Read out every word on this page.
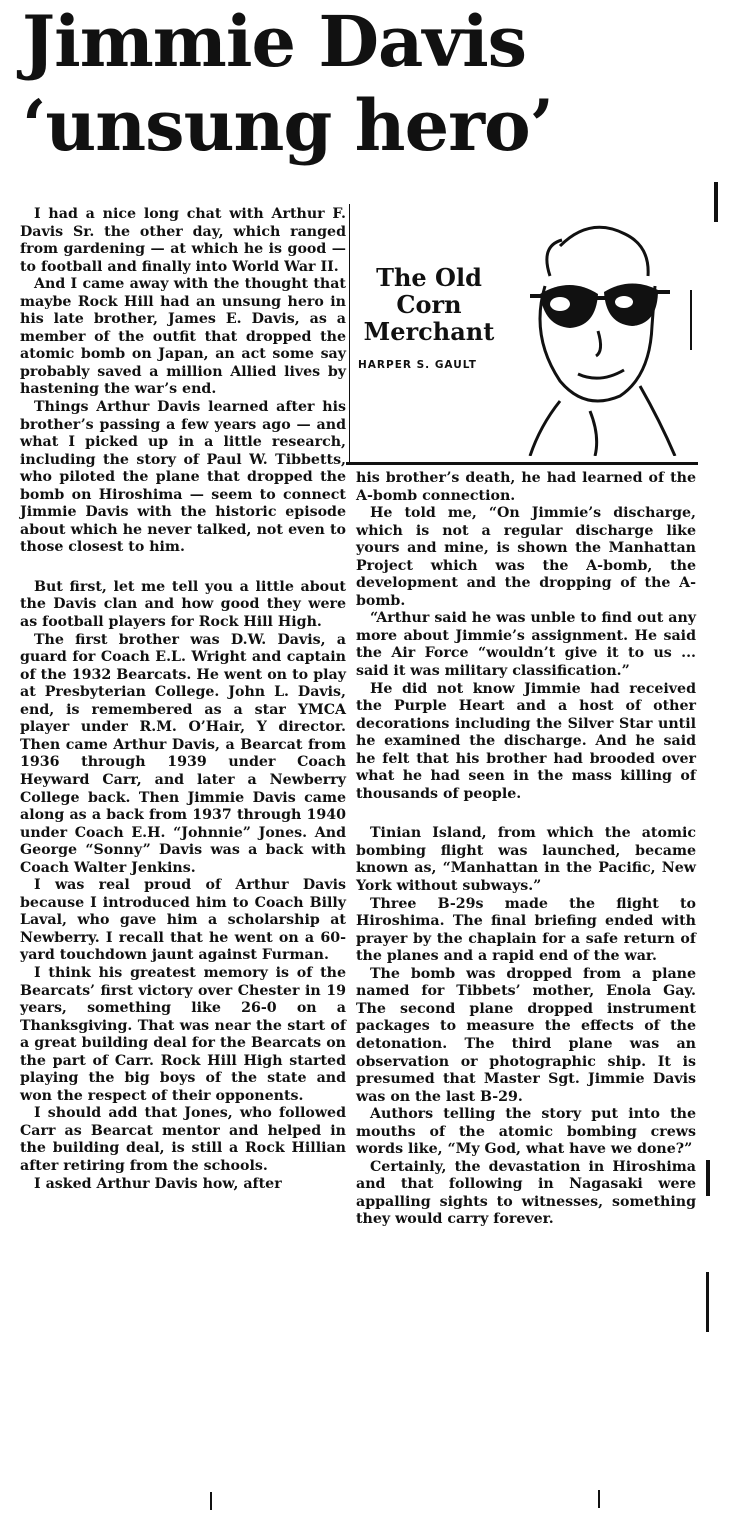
Jimmie Davis
‘unsung hero’

The Old
Corn
Merchant

HARPER S. GAULT

I had a nice long chat with Arthur F. Davis Sr. the other day, which ranged from gardening — at which he is good — to football and finally into World War II.

And I came away with the thought that maybe Rock Hill had an unsung hero in his late brother, James E. Davis, as a member of the outfit that dropped the atomic bomb on Japan, an act some say probably saved a million Allied lives by hastening the war’s end.

Things Arthur Davis learned after his brother’s passing a few years ago — and what I picked up in a little research, including the story of Paul W. Tibbetts, who piloted the plane that dropped the bomb on Hiroshima — seem to connect Jimmie Davis with the historic episode about which he never talked, not even to those closest to him.

But first, let me tell you a little about the Davis clan and how good they were as football players for Rock Hill High.

The first brother was D.W. Davis, a guard for Coach E.L. Wright and captain of the 1932 Bearcats. He went on to play at Presbyterian College. John L. Davis, end, is remembered as a star YMCA player under R.M. O’Hair, Y director. Then came Arthur Davis, a Bearcat from 1936 through 1939 under Coach Heyward Carr, and later a Newberry College back. Then Jimmie Davis came along as a back from 1937 through 1940 under Coach E.H. “Johnnie” Jones. And George “Sonny” Davis was a back with Coach Walter Jenkins.

I was real proud of Arthur Davis because I introduced him to Coach Billy Laval, who gave him a scholarship at Newberry. I recall that he went on a 60-yard touchdown jaunt against Furman.

I think his greatest memory is of the Bearcats’ first victory over Chester in 19 years, something like 26-0 on a Thanksgiving. That was near the start of a great building deal for the Bearcats on the part of Carr. Rock Hill High started playing the big boys of the state and won the respect of their opponents.

I should add that Jones, who followed Carr as Bearcat mentor and helped in the building deal, is still a Rock Hillian after retiring from the schools.

I asked Arthur Davis how, after

his brother’s death, he had learned of the A-bomb connection.

He told me, “On Jimmie’s discharge, which is not a regular discharge like yours and mine, is shown the Manhattan Project which was the A-bomb, the development and the dropping of the A-bomb.

“Arthur said he was unble to find out any more about Jimmie’s assignment. He said the Air Force “wouldn’t give it to us ... said it was military classification.”

He did not know Jimmie had received the Purple Heart and a host of other decorations including the Silver Star until he examined the discharge. And he said he felt that his brother had brooded over what he had seen in the mass killing of thousands of people.

Tinian Island, from which the atomic bombing flight was launched, became known as, “Manhattan in the Pacific, New York without subways.”

Three B-29s made the flight to Hiroshima. The final briefing ended with prayer by the chaplain for a safe return of the planes and a rapid end of the war.

The bomb was dropped from a plane named for Tibbets’ mother, Enola Gay. The second plane dropped instrument packages to measure the effects of the detonation. The third plane was an observation or photographic ship. It is presumed that Master Sgt. Jimmie Davis was on the last B-29.

Authors telling the story put into the mouths of the atomic bombing crews words like, “My God, what have we done?”

Certainly, the devastation in Hiroshima and that following in Nagasaki were appalling sights to witnesses, something they would carry forever.
